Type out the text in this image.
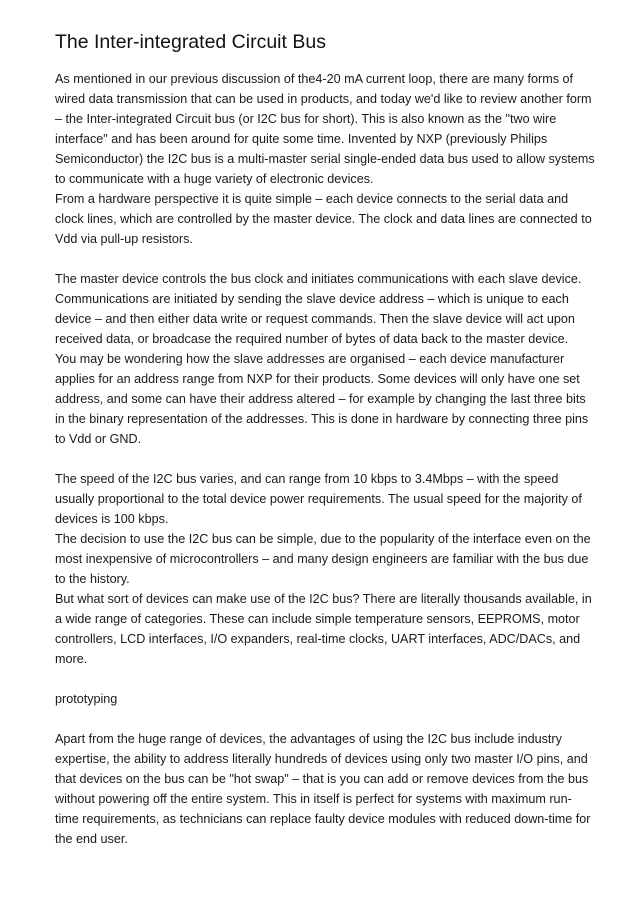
The Inter-integrated Circuit Bus

As mentioned in our previous discussion of the4-20 mA current loop, there are many forms of wired data transmission that can be used in products, and today we'd like to review another form – the Inter-integrated Circuit bus (or I2C bus for short). This is also known as the "two wire interface" and has been around for quite some time. Invented by NXP (previously Philips Semiconductor) the I2C bus is a multi-master serial single-ended data bus used to allow systems to communicate with a huge variety of electronic devices.

From a hardware perspective it is quite simple – each device connects to the serial data and clock lines, which are controlled by the master device. The clock and data lines are connected to Vdd via pull-up resistors.

The master device controls the bus clock and initiates communications with each slave device. Communications are initiated by sending the slave device address – which is unique to each device – and then either data write or request commands. Then the slave device will act upon received data, or broadcase the required number of bytes of data back to the master device.

You may be wondering how the slave addresses are organised – each device manufacturer applies for an address range from NXP for their products. Some devices will only have one set address, and some can have their address altered – for example by changing the last three bits in the binary representation of the addresses. This is done in hardware by connecting three pins to Vdd or GND.

The speed of the I2C bus varies, and can range from 10 kbps to 3.4Mbps – with the speed usually proportional to the total device power requirements. The usual speed for the majority of devices is 100 kbps.

The decision to use the I2C bus can be simple, due to the popularity of the interface even on the most inexpensive of microcontrollers – and many design engineers are familiar with the bus due to the history.

But what sort of devices can make use of the I2C bus? There are literally thousands available, in a wide range of categories. These can include simple temperature sensors, EEPROMS, motor controllers, LCD interfaces, I/O expanders, real-time clocks, UART interfaces, ADC/DACs, and more.

prototyping

Apart from the huge range of devices, the advantages of using the I2C bus include industry expertise, the ability to address literally hundreds of devices using only two master I/O pins, and that devices on the bus can be "hot swap" – that is you can add or remove devices from the bus without powering off the entire system. This in itself is perfect for systems with maximum run-time requirements, as technicians can replace faulty device modules with reduced down-time for the end user.
